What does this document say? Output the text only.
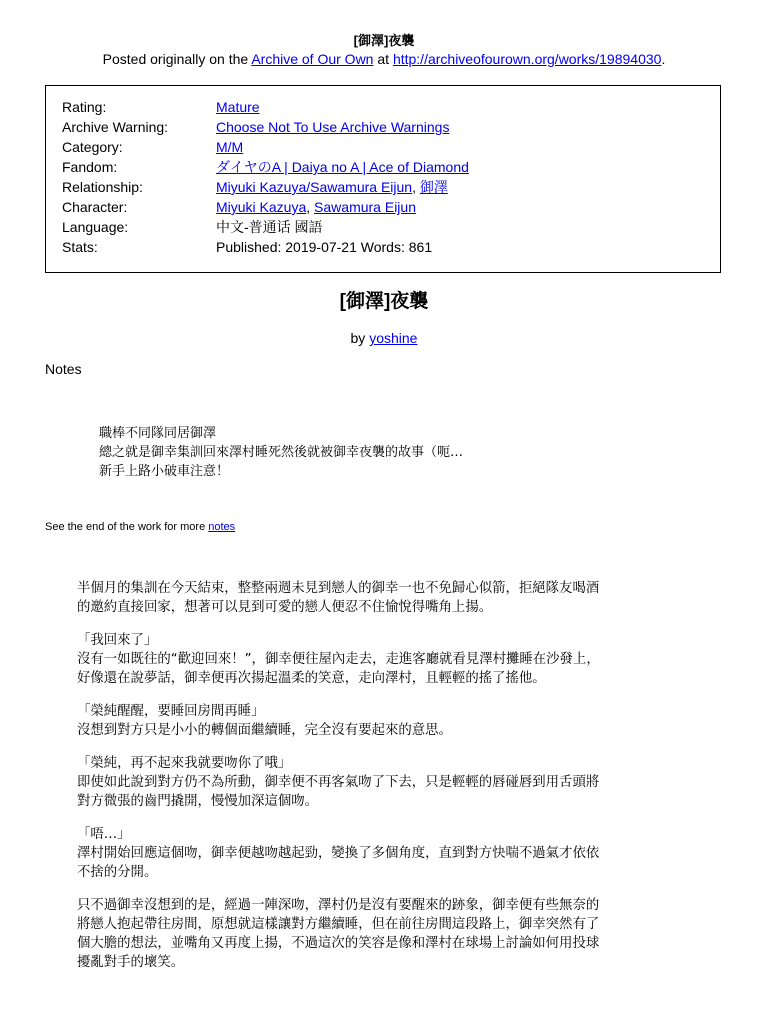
[御澤]夜襲
Posted originally on the Archive of Our Own at http://archiveofourown.org/works/19894030.
Rating:	Mature
Archive Warning:	Choose Not To Use Archive Warnings
Category:	M/M
Fandom:	ダイヤのA | Daiya no A | Ace of Diamond
Relationship:	Miyuki Kazuya/Sawamura Eijun, 御澤
Character:	Miyuki Kazuya, Sawamura Eijun
Language:	中文-普通话 國語
Stats:	Published: 2019-07-21 Words: 861
[御澤]夜襲
by yoshine
Notes
職棒不同隊同居御澤
總之就是御幸集訓回來澤村睡死然後就被御幸夜襲的故事（呃…
新手上路小破車注意！
See the end of the work for more notes

半個月的集訓在今天結束，整整兩週未見到戀人的御幸一也不免歸心似箭，拒絕隊友喝酒
的邀約直接回家，想著可以見到可愛的戀人便忍不住愉悅得嘴角上揚。

「我回來了」
沒有一如既往的“歡迎回來！”，御幸便往屋內走去，走進客廳就看見澤村攤睡在沙發上，
好像還在說夢話，御幸便再次揚起溫柔的笑意，走向澤村，且輕輕的搖了搖他。

「榮純醒醒，要睡回房間再睡」
沒想到對方只是小小的轉個面繼續睡，完全沒有要起來的意思。

「榮純，再不起來我就要吻你了哦」
即使如此說到對方仍不為所動，御幸便不再客氣吻了下去，只是輕輕的唇碰唇到用舌頭將
對方微張的齒門撬開，慢慢加深這個吻。

「唔…」
澤村開始回應這個吻，御幸便越吻越起勁，變換了多個角度，直到對方快喘不過氣才依依
不捨的分開。

只不過御幸沒想到的是，經過一陣深吻，澤村仍是沒有要醒來的跡象，御幸便有些無奈的
將戀人抱起帶往房間，原想就這樣讓對方繼續睡，但在前往房間這段路上，御幸突然有了
個大膽的想法，並嘴角又再度上揚，不過這次的笑容是像和澤村在球場上討論如何用投球
擾亂對手的壞笑。
